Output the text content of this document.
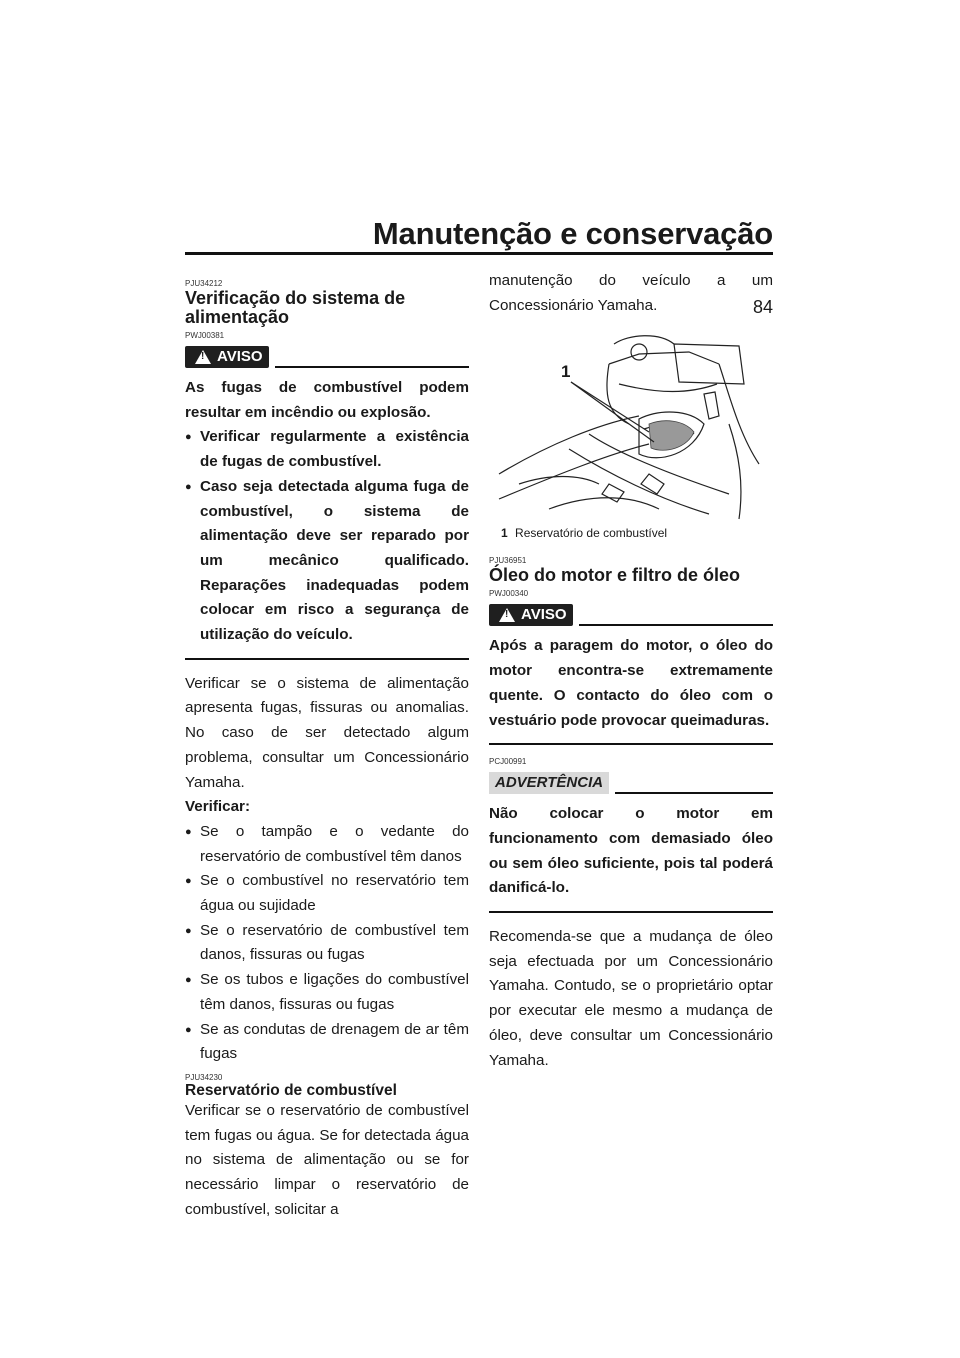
Manutenção e conservação
84
PJU34212
Verificação do sistema de alimentação
PWJ00381
! AVISO

As fugas de combustível podem resultar em incêndio ou explosão.

● Verificar regularmente a existência de fugas de combustível.
● Caso seja detectada alguma fuga de combustível, o sistema de alimentação deve ser reparado por um mecânico qualificado. Reparações inadequadas podem colocar em risco a segurança de utilização do veículo.

Verificar se o sistema de alimentação apresenta fugas, fissuras ou anomalias. No caso de ser detectado algum problema, consultar um Concessionário Yamaha.

Verificar:
● Se o tampão e o vedante do reservatório de combustível têm danos
● Se o combustível no reservatório tem água ou sujidade
● Se o reservatório de combustível tem danos, fissuras ou fugas
● Se os tubos e ligações do combustível têm danos, fissuras ou fugas
● Se as condutas de drenagem de ar têm fugas
PJU34230
Reservatório de combustível

Verificar se o reservatório de combustível tem fugas ou água. Se for detectada água no sistema de alimentação ou se for necessário limpar o reservatório de combustível, solicitar a

manutenção do veículo a um Concessionário Yamaha.

1
1 Reservatório de combustível
PJU36951
Óleo do motor e filtro de óleo
PWJ00340
! AVISO

Após a paragem do motor, o óleo do motor encontra-se extremamente quente. O contacto do óleo com o vestuário pode provocar queimaduras.

PCJ00991
ADVERTÊNCIA

Não colocar o motor em funcionamento com demasiado óleo ou sem óleo suficiente, pois tal poderá danificá-lo.

Recomenda-se que a mudança de óleo seja efectuada por um Concessionário Yamaha. Contudo, se o proprietário optar por executar ele mesmo a mudança de óleo, deve consultar um Concessionário Yamaha.
